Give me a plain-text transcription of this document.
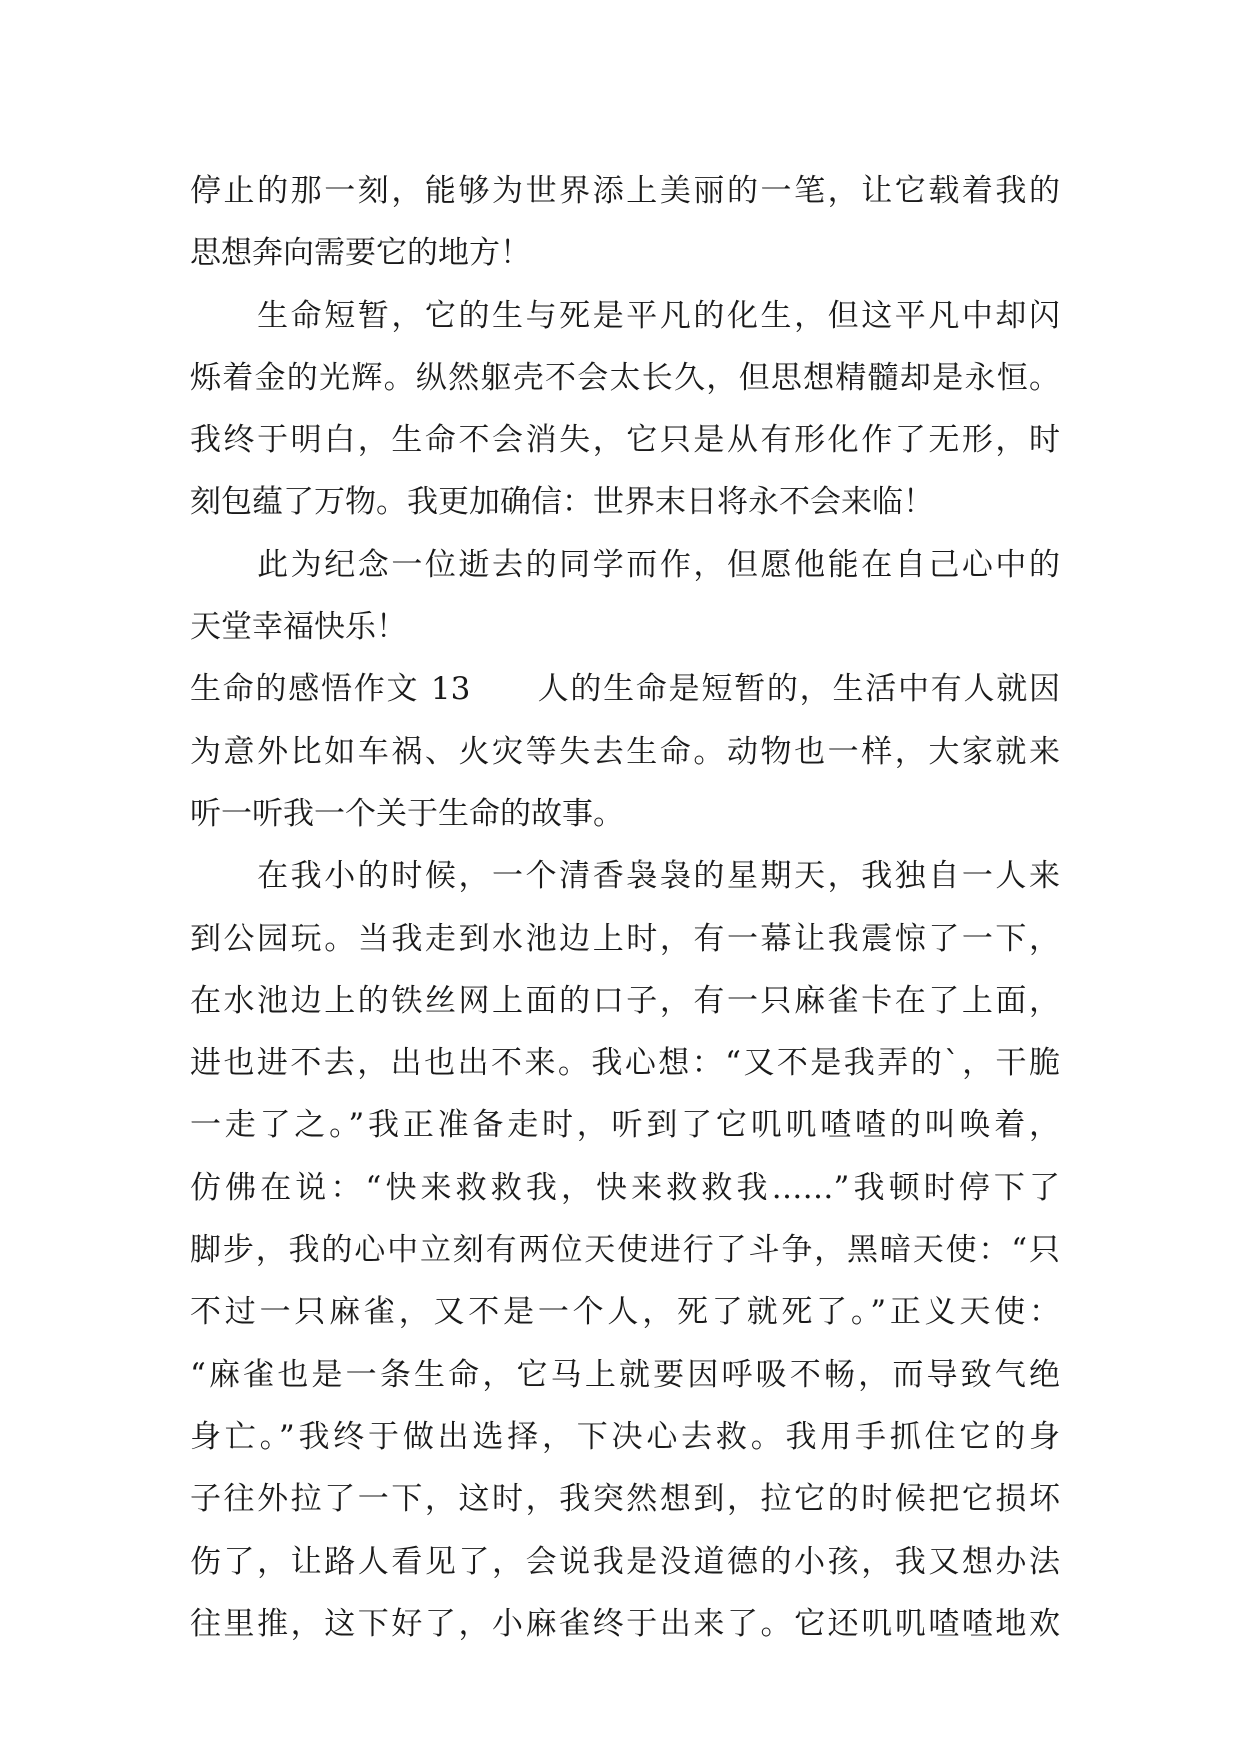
停止的那一刻，能够为世界添上美丽的一笔，让它载着我的
思想奔向需要它的地方！
　　生命短暂，它的生与死是平凡的化生，但这平凡中却闪
烁着金的光辉。纵然躯壳不会太长久，但思想精髓却是永恒。
我终于明白，生命不会消失，它只是从有形化作了无形，时
刻包蕴了万物。我更加确信：世界末日将永不会来临！
　　此为纪念一位逝去的同学而作，但愿他能在自己心中的
天堂幸福快乐！
生命的感悟作文 13　　人的生命是短暂的，生活中有人就因
为意外比如车祸、火灾等失去生命。动物也一样，大家就来
听一听我一个关于生命的故事。
　　在我小的时候，一个清香袅袅的星期天，我独自一人来
到公园玩。当我走到水池边上时，有一幕让我震惊了一下，
在水池边上的铁丝网上面的口子，有一只麻雀卡在了上面，
进也进不去，出也出不来。我心想：“又不是我弄的`，干脆
一走了之。”我正准备走时，听到了它叽叽喳喳的叫唤着，
仿佛在说：“快来救救我，快来救救我……”我顿时停下了
脚步，我的心中立刻有两位天使进行了斗争，黑暗天使：“只
不过一只麻雀，又不是一个人，死了就死了。”正义天使：
“麻雀也是一条生命，它马上就要因呼吸不畅，而导致气绝
身亡。”我终于做出选择，下决心去救。我用手抓住它的身
子往外拉了一下，这时，我突然想到，拉它的时候把它损坏
伤了，让路人看见了，会说我是没道德的小孩，我又想办法
往里推，这下好了，小麻雀终于出来了。它还叽叽喳喳地欢
